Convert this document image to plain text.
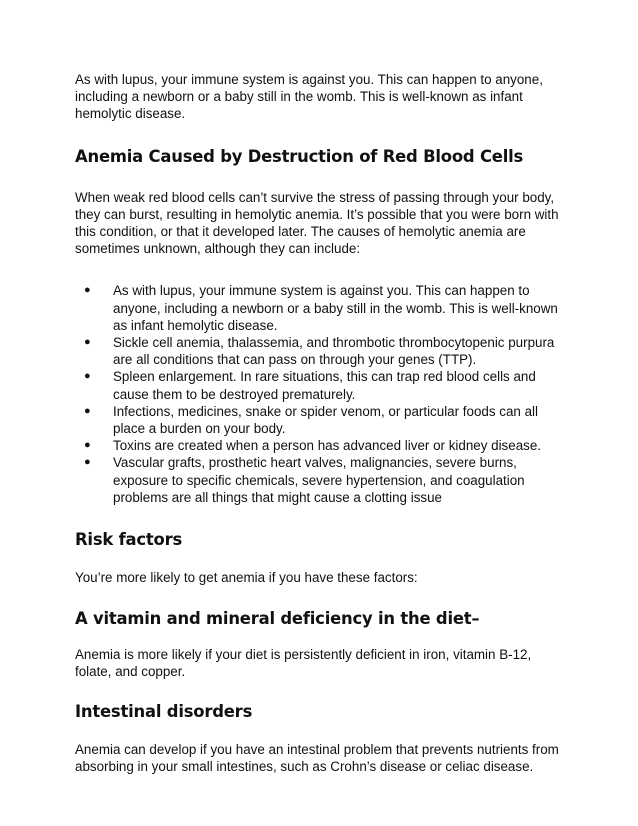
As with lupus, your immune system is against you. This can happen to anyone, including a newborn or a baby still in the womb. This is well-known as infant hemolytic disease.

Anemia Caused by Destruction of Red Blood Cells

When weak red blood cells can’t survive the stress of passing through your body, they can burst, resulting in hemolytic anemia. It’s possible that you were born with this condition, or that it developed later. The causes of hemolytic anemia are sometimes unknown, although they can include:

● As with lupus, your immune system is against you. This can happen to anyone, including a newborn or a baby still in the womb. This is well-known as infant hemolytic disease.
● Sickle cell anemia, thalassemia, and thrombotic thrombocytopenic purpura are all conditions that can pass on through your genes (TTP).
● Spleen enlargement. In rare situations, this can trap red blood cells and cause them to be destroyed prematurely.
● Infections, medicines, snake or spider venom, or particular foods can all place a burden on your body.
● Toxins are created when a person has advanced liver or kidney disease.
● Vascular grafts, prosthetic heart valves, malignancies, severe burns, exposure to specific chemicals, severe hypertension, and coagulation problems are all things that might cause a clotting issue
Risk factors

You’re more likely to get anemia if you have these factors:

A vitamin and mineral deficiency in the diet–

Anemia is more likely if your diet is persistently deficient in iron, vitamin B-12, folate, and copper.

Intestinal disorders

Anemia can develop if you have an intestinal problem that prevents nutrients from absorbing in your small intestines, such as Crohn’s disease or celiac disease.
